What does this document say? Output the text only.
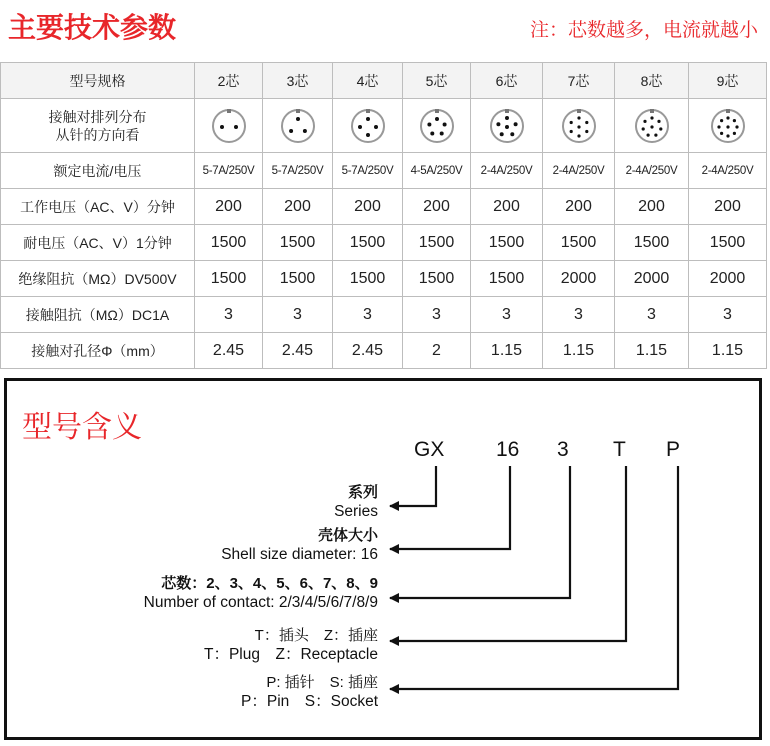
主要技术参数	注：芯数越多，电流就越小
型号规格	2芯	3芯	4芯	5芯	6芯	7芯	8芯	9芯
接触对排列分布
从针的方向看	

额定电流/电压	5-7A/250V	5-7A/250V	5-7A/250V	4-5A/250V	2-4A/250V	2-4A/250V	2-4A/250V	2-4A/250V
工作电压（AC、V）分钟	200	200	200	200	200	200	200	200
耐电压（AC、V）1分钟	1500	1500	1500	1500	1500	1500	1500	1500
绝缘阻抗（MΩ）DV500V	1500	1500	1500	1500	1500	2000	2000	2000
接触阻抗（MΩ）DC1A	3	3	3	3	3	3	3	3
接触对孔径Φ（mm）	2.45	2.45	2.45	2	1.15	1.15	1.15	1.15
型号含义
GX 16 3 T P
系列
Series
壳体大小
Shell size diameter: 16
芯数：2、3、4、5、6、7、8、9
Number of contact: 2/3/4/5/6/7/8/9
T：插头　Z：插座
T：Plug　Z：Receptacle
P: 插针　S: 插座
P：Pin　S：Socket
